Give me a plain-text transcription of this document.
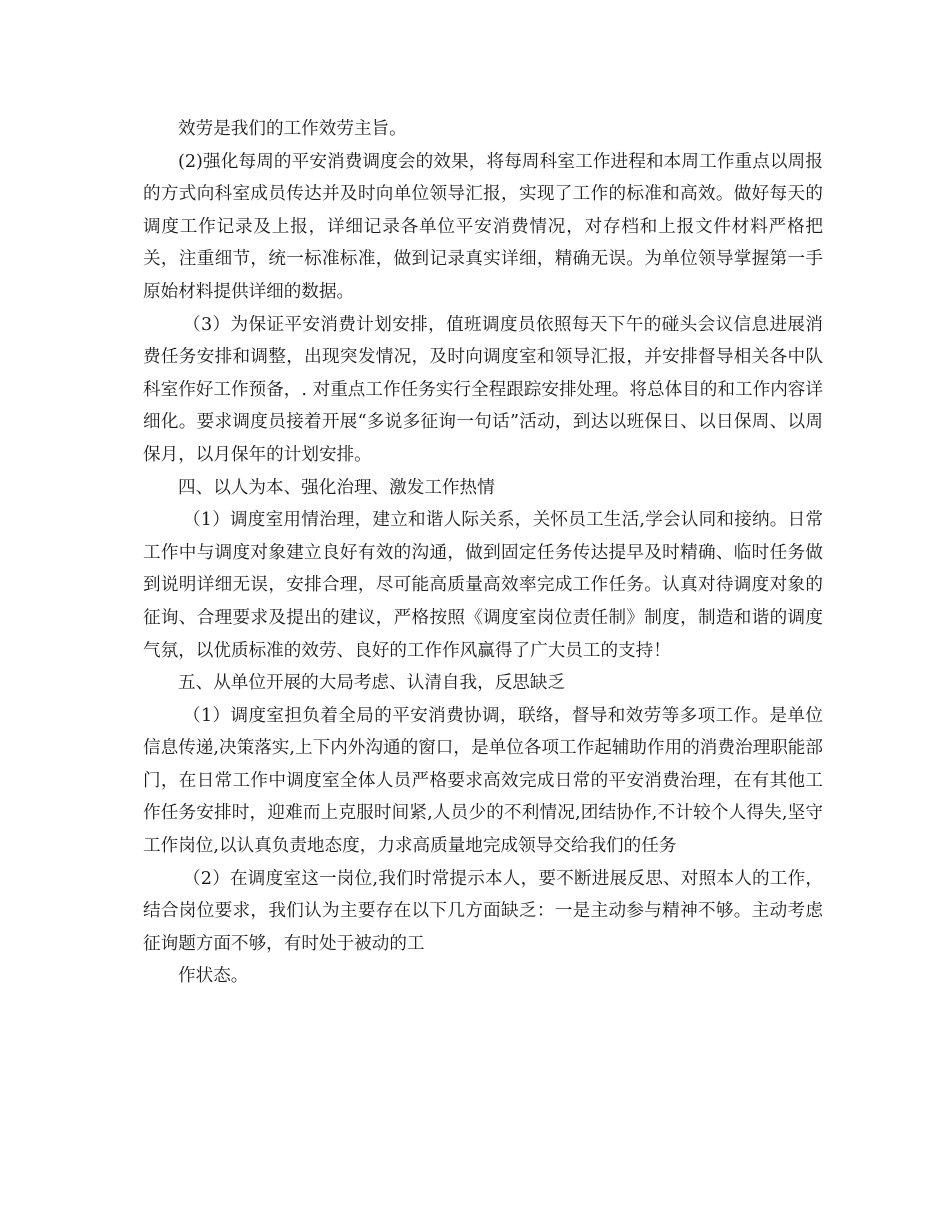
效劳是我们的工作效劳主旨。

(2)强化每周的平安消费调度会的效果，将每周科室工作进程和本周工作重点以周报的方式向科室成员传达并及时向单位领导汇报，实现了工作的标准和高效。做好每天的调度工作记录及上报，详细记录各单位平安消费情况，对存档和上报文件材料严格把关，注重细节，统一标准标准，做到记录真实详细，精确无误。为单位领导掌握第一手原始材料提供详细的数据。

（3）为保证平安消费计划安排，值班调度员依照每天下午的碰头会议信息进展消费任务安排和调整，出现突发情况，及时向调度室和领导汇报，并安排督导相关各中队科室作好工作预备，. 对重点工作任务实行全程跟踪安排处理。将总体目的和工作内容详细化。要求调度员接着开展“多说多征询一句话”活动，到达以班保日、以日保周、以周保月，以月保年的计划安排。

四、以人为本、强化治理、激发工作热情

（1）调度室用情治理，建立和谐人际关系，关怀员工生活,学会认同和接纳。日常工作中与调度对象建立良好有效的沟通，做到固定任务传达提早及时精确、临时任务做到说明详细无误，安排合理，尽可能高质量高效率完成工作任务。认真对待调度对象的征询、合理要求及提出的建议，严格按照《调度室岗位责任制》制度，制造和谐的调度气氛，以优质标准的效劳、良好的工作作风赢得了广大员工的支持！

五、从单位开展的大局考虑、认清自我，反思缺乏

（1）调度室担负着全局的平安消费协调，联络，督导和效劳等多项工作。是单位信息传递,决策落实,上下内外沟通的窗口，是单位各项工作起辅助作用的消费治理职能部门，在日常工作中调度室全体人员严格要求高效完成日常的平安消费治理，在有其他工作任务安排时，迎难而上克服时间紧,人员少的不利情况,团结协作,不计较个人得失,坚守工作岗位,以认真负责地态度，力求高质量地完成领导交给我们的任务

（2）在调度室这一岗位,我们时常提示本人，要不断进展反思、对照本人的工作，结合岗位要求，我们认为主要存在以下几方面缺乏：一是主动参与精神不够。主动考虑征询题方面不够，有时处于被动的工

作状态。
